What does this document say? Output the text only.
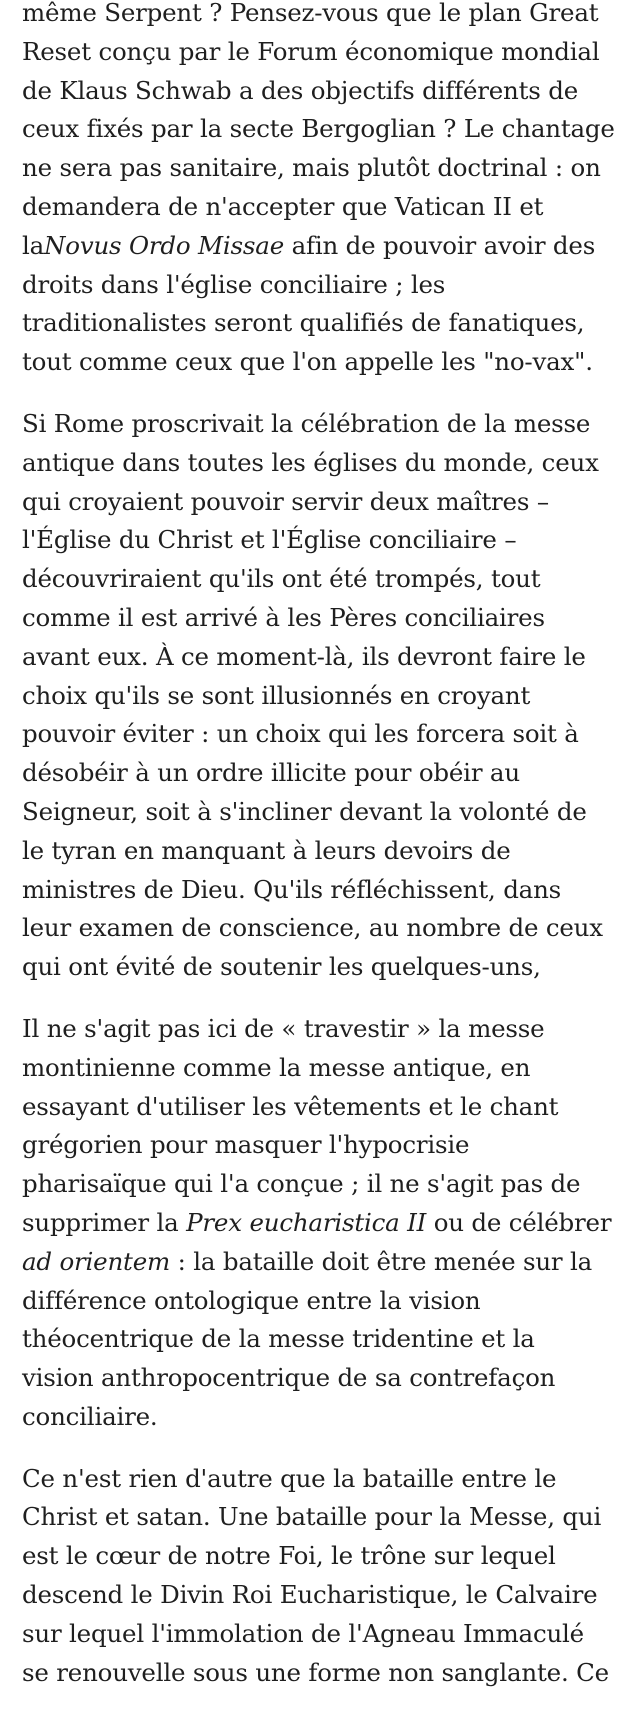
même Serpent ? Pensez-vous que le plan Great
Reset conçu par le Forum économique mondial
de Klaus Schwab a des objectifs différents de
ceux fixés par la secte Bergoglian ? Le chantage
ne sera pas sanitaire, mais plutôt doctrinal : on
demandera de n'accepter que Vatican II et
laNovus Ordo Missae afin de pouvoir avoir des
droits dans l'église conciliaire ; les
traditionalistes seront qualifiés de fanatiques,
tout comme ceux que l'on appelle les "no-vax".

Si Rome proscrivait la célébration de la messe
antique dans toutes les églises du monde, ceux
qui croyaient pouvoir servir deux maîtres –
l'Église du Christ et l'Église conciliaire –
découvriraient qu'ils ont été trompés, tout
comme il est arrivé à les Pères conciliaires
avant eux. À ce moment-là, ils devront faire le
choix qu'ils se sont illusionnés en croyant
pouvoir éviter : un choix qui les forcera soit à
désobéir à un ordre illicite pour obéir au
Seigneur, soit à s'incliner devant la volonté de
le tyran en manquant à leurs devoirs de
ministres de Dieu. Qu'ils réfléchissent, dans
leur examen de conscience, au nombre de ceux
qui ont évité de soutenir les quelques-uns,

Il ne s'agit pas ici de « travestir » la messe
montinienne comme la messe antique, en
essayant d'utiliser les vêtements et le chant
grégorien pour masquer l'hypocrisie
pharisaïque qui l'a conçue ; il ne s'agit pas de
supprimer la Prex eucharistica II ou de célébrer
ad orientem : la bataille doit être menée sur la
différence ontologique entre la vision
théocentrique de la messe tridentine et la
vision anthropocentrique de sa contrefaçon
conciliaire.

Ce n'est rien d'autre que la bataille entre le
Christ et satan. Une bataille pour la Messe, qui
est le cœur de notre Foi, le trône sur lequel
descend le Divin Roi Eucharistique, le Calvaire
sur lequel l'immolation de l'Agneau Immaculé
se renouvelle sous une forme non sanglante. Ce
